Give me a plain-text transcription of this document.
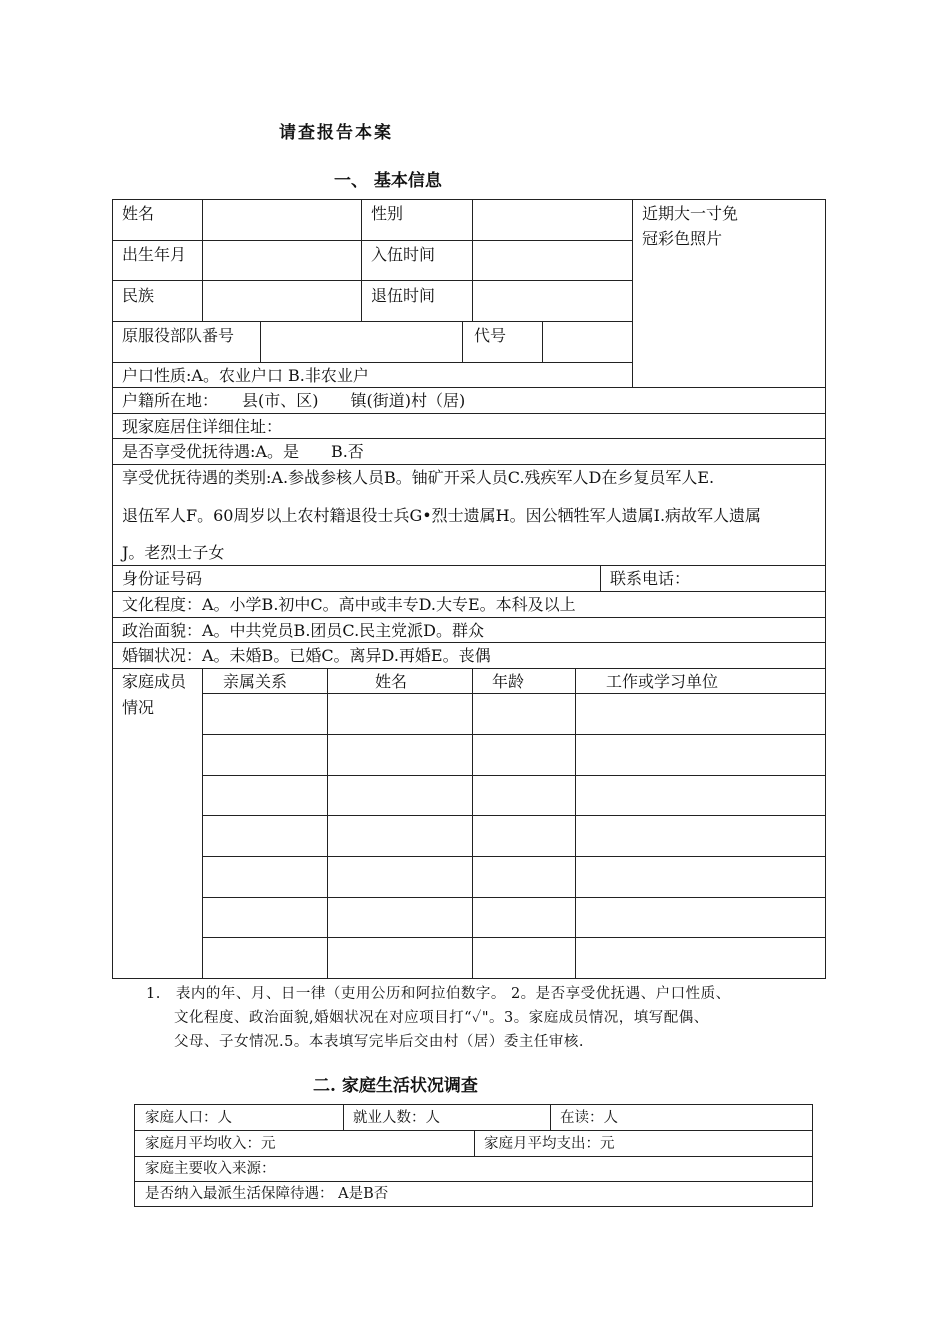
请查报告本案
一、 基本信息
姓名	性别	近期大一寸免
冠彩色照片
出生年月	入伍时间
民族	退伍时间
原服役部队番号	代号
户口性质:A。农业户口 B.非农业户
户籍所在地：　　县(市、区)　　镇(街道)村（居)
现家庭居住详细住址：
是否享受优抚待遇:A。是　　B.否
享受优抚待遇的类别:A.参战参核人员B。铀矿开采人员C.残疾军人D在乡复员军人E.
退伍军人F。60周岁以上农村籍退役士兵G•烈士遗属H。因公牺牲军人遗属I.病故军人遗属
J。老烈士子女
身份证号码	联系电话：
文化程度：A。小学B.初中C。高中或丰专D.大专E。本科及以上
政治面貌：A。中共党员B.团员C.民主党派D。群众
婚锢状况：A。未婚B。已婚C。离异D.再婚E。丧偶
家庭成员
情况
亲属关系	姓名	年龄	工作或学习单位
1.　表内的年、月、日一律（吏用公历和阿拉伯数字。 2。是否享受优抚遇、户口性质、
文化程度、政治面貌,婚姻状况在对应项目打“✓"。3。家庭成员情况，填写配偶、
父母、子女情况.5。本表填写完毕后交由村（居）委主任审核.
二. 家庭生活状况调查
家庭人口：人	就业人数：人	在读：人
家庭月平均收入：元	家庭月平均支出：元
家庭主要收入来源：
是否纳入最派生活保障待遇： A是B否
